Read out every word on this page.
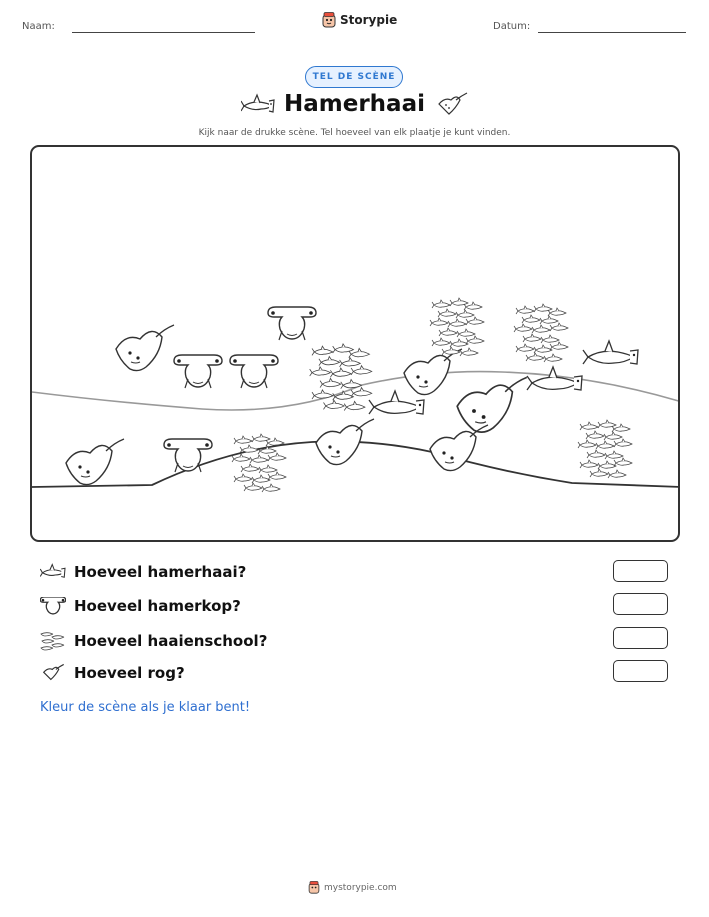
Naam:	Storypie	Datum:
TEL DE SCÈNE
Hamerhaai
Kijk naar de drukke scène. Tel hoeveel van elk plaatje je kunt vinden.
Hoeveel hamerhaai?
Hoeveel hamerkop?
Hoeveel haaienschool?
Hoeveel rog?
Kleur de scène als je klaar bent!
mystorypie.com
